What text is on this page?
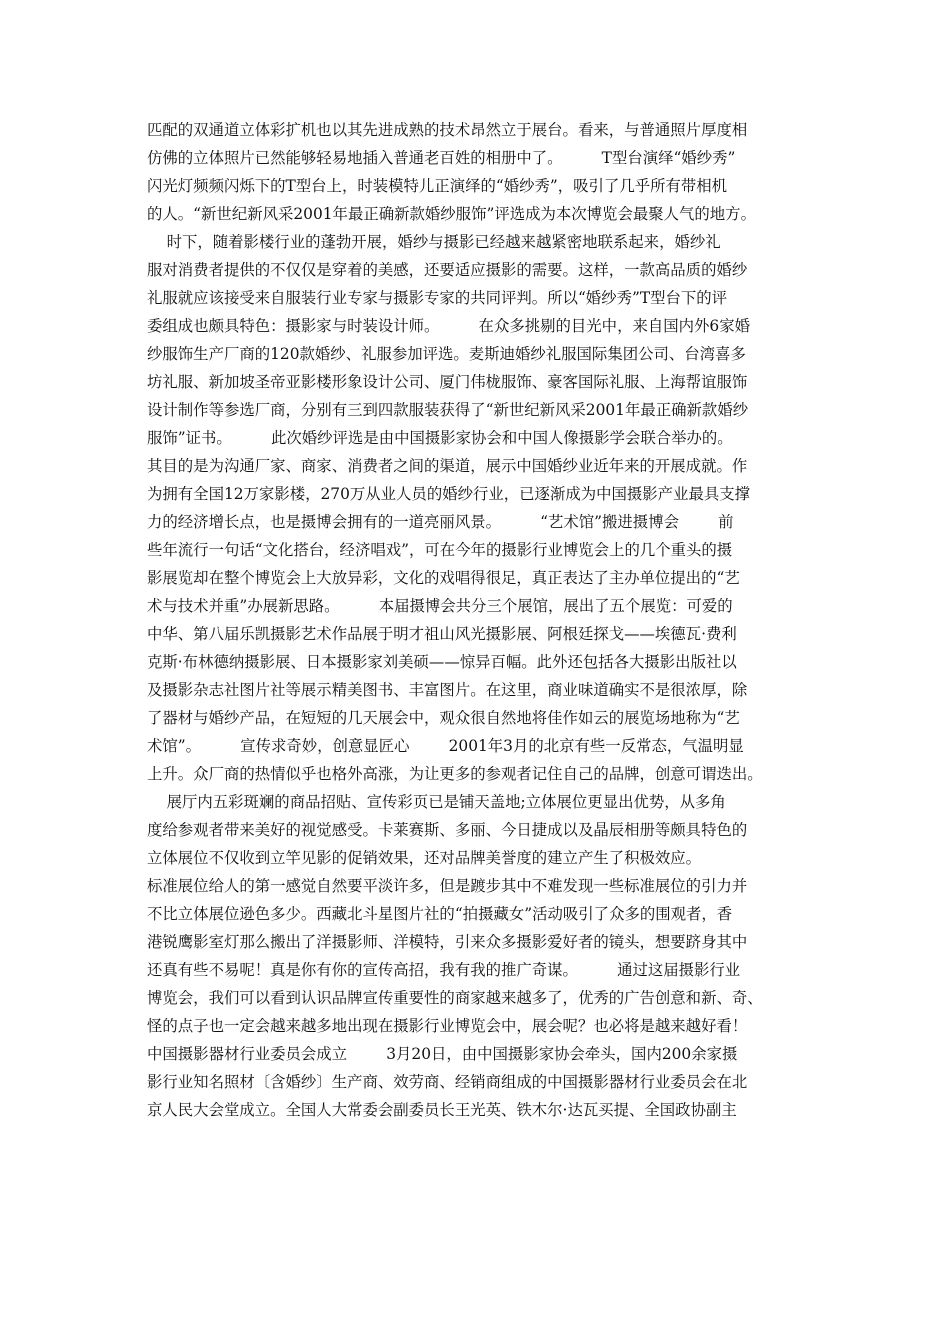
匹配的双通道立体彩扩机也以其先进成熟的技术昂然立于展台。看来，与普通照片厚度相
仿佛的立体照片已然能够轻易地插入普通老百姓的相册中了。        T型台演绎“婚纱秀”
闪光灯频频闪烁下的T型台上，时装模特儿正演绎的“婚纱秀”，吸引了几乎所有带相机
的人。“新世纪新风采2001年最正确新款婚纱服饰”评选成为本次博览会最聚人气的地方。
时下，随着影楼行业的蓬勃开展，婚纱与摄影已经越来越紧密地联系起来，婚纱礼
服对消费者提供的不仅仅是穿着的美感，还要适应摄影的需要。这样，一款高品质的婚纱
礼服就应该接受来自服装行业专家与摄影专家的共同评判。所以“婚纱秀”T型台下的评
委组成也颇具特色：摄影家与时装设计师。        在众多挑剔的目光中，来自国内外6家婚
纱服饰生产厂商的120款婚纱、礼服参加评选。麦斯迪婚纱礼服国际集团公司、台湾喜多
坊礼服、新加坡圣帝亚影楼形象设计公司、厦门伟栊服饰、豪客国际礼服、上海帮谊服饰
设计制作等参选厂商，分别有三到四款服装获得了“新世纪新风采2001年最正确新款婚纱
服饰”证书。        此次婚纱评选是由中国摄影家协会和中国人像摄影学会联合举办的。
其目的是为沟通厂家、商家、消费者之间的渠道，展示中国婚纱业近年来的开展成就。作
为拥有全国12万家影楼，270万从业人员的婚纱行业，已逐渐成为中国摄影产业最具支撑
力的经济增长点，也是摄博会拥有的一道亮丽风景。        “艺术馆”搬进摄博会        前
些年流行一句话“文化搭台，经济唱戏”，可在今年的摄影行业博览会上的几个重头的摄
影展览却在整个博览会上大放异彩，文化的戏唱得很足，真正表达了主办单位提出的“艺
术与技术并重”办展新思路。        本届摄博会共分三个展馆，展出了五个展览：可爱的
中华、第八届乐凯摄影艺术作品展于明才祖山风光摄影展、阿根廷探戈——埃德瓦·费利
克斯·布林德纳摄影展、日本摄影家刘美硕——惊异百幅。此外还包括各大摄影出版社以
及摄影杂志社图片社等展示精美图书、丰富图片。在这里，商业味道确实不是很浓厚，除
了器材与婚纱产品，在短短的几天展会中，观众很自然地将佳作如云的展览场地称为“艺
术馆”。        宣传求奇妙，创意显匠心        2001年3月的北京有些一反常态，气温明显
上升。众厂商的热情似乎也格外高涨，为让更多的参观者记住自己的品牌，创意可谓迭出。
展厅内五彩斑斓的商品招贴、宣传彩页已是铺天盖地;立体展位更显出优势，从多角
度给参观者带来美好的视觉感受。卡莱赛斯、多丽、今日捷成以及晶辰相册等颇具特色的
立体展位不仅收到立竿见影的促销效果，还对品牌美誉度的建立产生了积极效应。
标准展位给人的第一感觉自然要平淡许多，但是踱步其中不难发现一些标准展位的引力并
不比立体展位逊色多少。西藏北斗星图片社的“拍摄藏女”活动吸引了众多的围观者，香
港锐鹰影室灯那么搬出了洋摄影师、洋模特，引来众多摄影爱好者的镜头，想要跻身其中
还真有些不易呢！真是你有你的宣传高招，我有我的推广奇谋。        通过这届摄影行业
博览会，我们可以看到认识品牌宣传重要性的商家越来越多了，优秀的广告创意和新、奇、
怪的点子也一定会越来越多地出现在摄影行业博览会中，展会呢？也必将是越来越好看！
中国摄影器材行业委员会成立        3月20日，由中国摄影家协会牵头，国内200余家摄
影行业知名照材〔含婚纱〕生产商、效劳商、经销商组成的中国摄影器材行业委员会在北
京人民大会堂成立。全国人大常委会副委员长王光英、铁木尔·达瓦买提、全国政协副主
